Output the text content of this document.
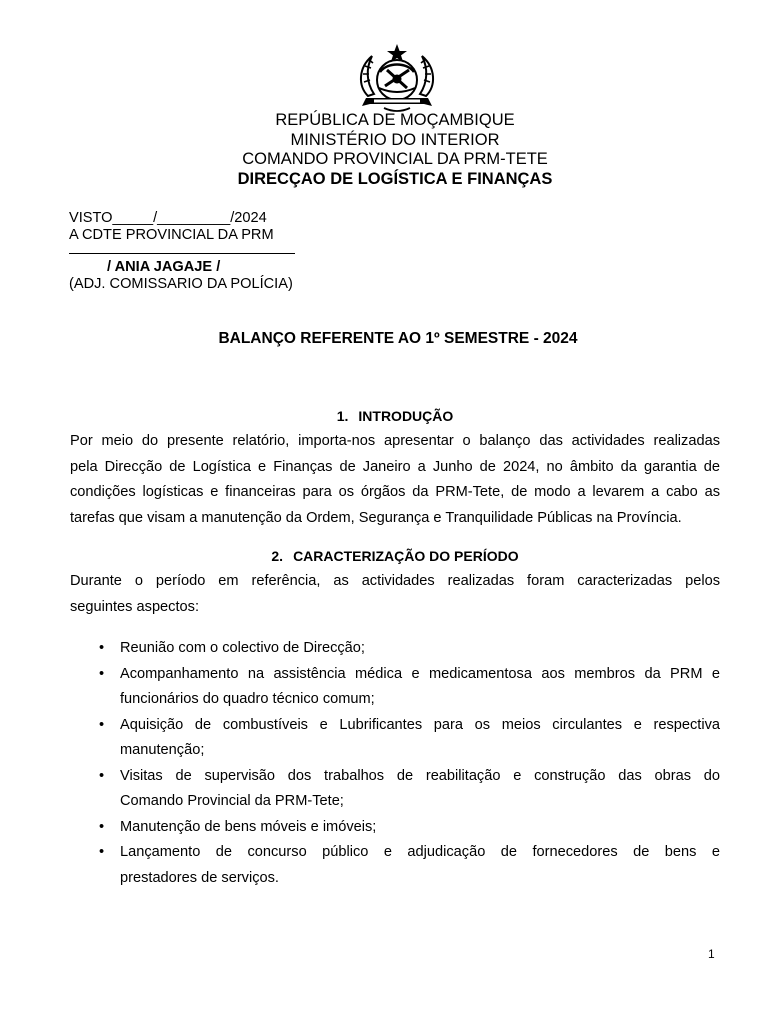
REPÚBLICA DE MOÇAMBIQUE
MINISTÉRIO DO INTERIOR
COMANDO PROVINCIAL DA PRM-TETE
DIRECÇAO DE LOGÍSTICA E FINANÇAS
VISTO_____/_________/2024
A CDTE PROVINCIAL DA PRM
/ ANIA JAGAJE /
(ADJ. COMISSARIO DA POLÍCIA)
BALANÇO REFERENTE AO 1º SEMESTRE - 2024
1. INTRODUÇÃO
Por meio do presente relatório, importa-nos apresentar o balanço das actividades realizadas
pela Direcção de Logística e Finanças de Janeiro a Junho de 2024, no âmbito da garantia de
condições logísticas e financeiras para os órgãos da PRM-Tete, de modo a levarem a cabo as
tarefas que visam a manutenção da Ordem, Segurança e Tranquilidade Públicas na Província.
2. CARACTERIZAÇÃO DO PERÍODO
Durante o período em referência, as actividades realizadas foram caracterizadas pelos
seguintes aspectos:
• Reunião com o colectivo de Direcção;
• Acompanhamento na assistência médica e medicamentosa aos membros da PRM e
funcionários do quadro técnico comum;
• Aquisição de combustíveis e Lubrificantes para os meios circulantes e respectiva
manutenção;
• Visitas de supervisão dos trabalhos de reabilitação e construção das obras do
Comando Provincial da PRM-Tete;
• Manutenção de bens móveis e imóveis;
• Lançamento de concurso público e adjudicação de fornecedores de bens e
prestadores de serviços.
1
